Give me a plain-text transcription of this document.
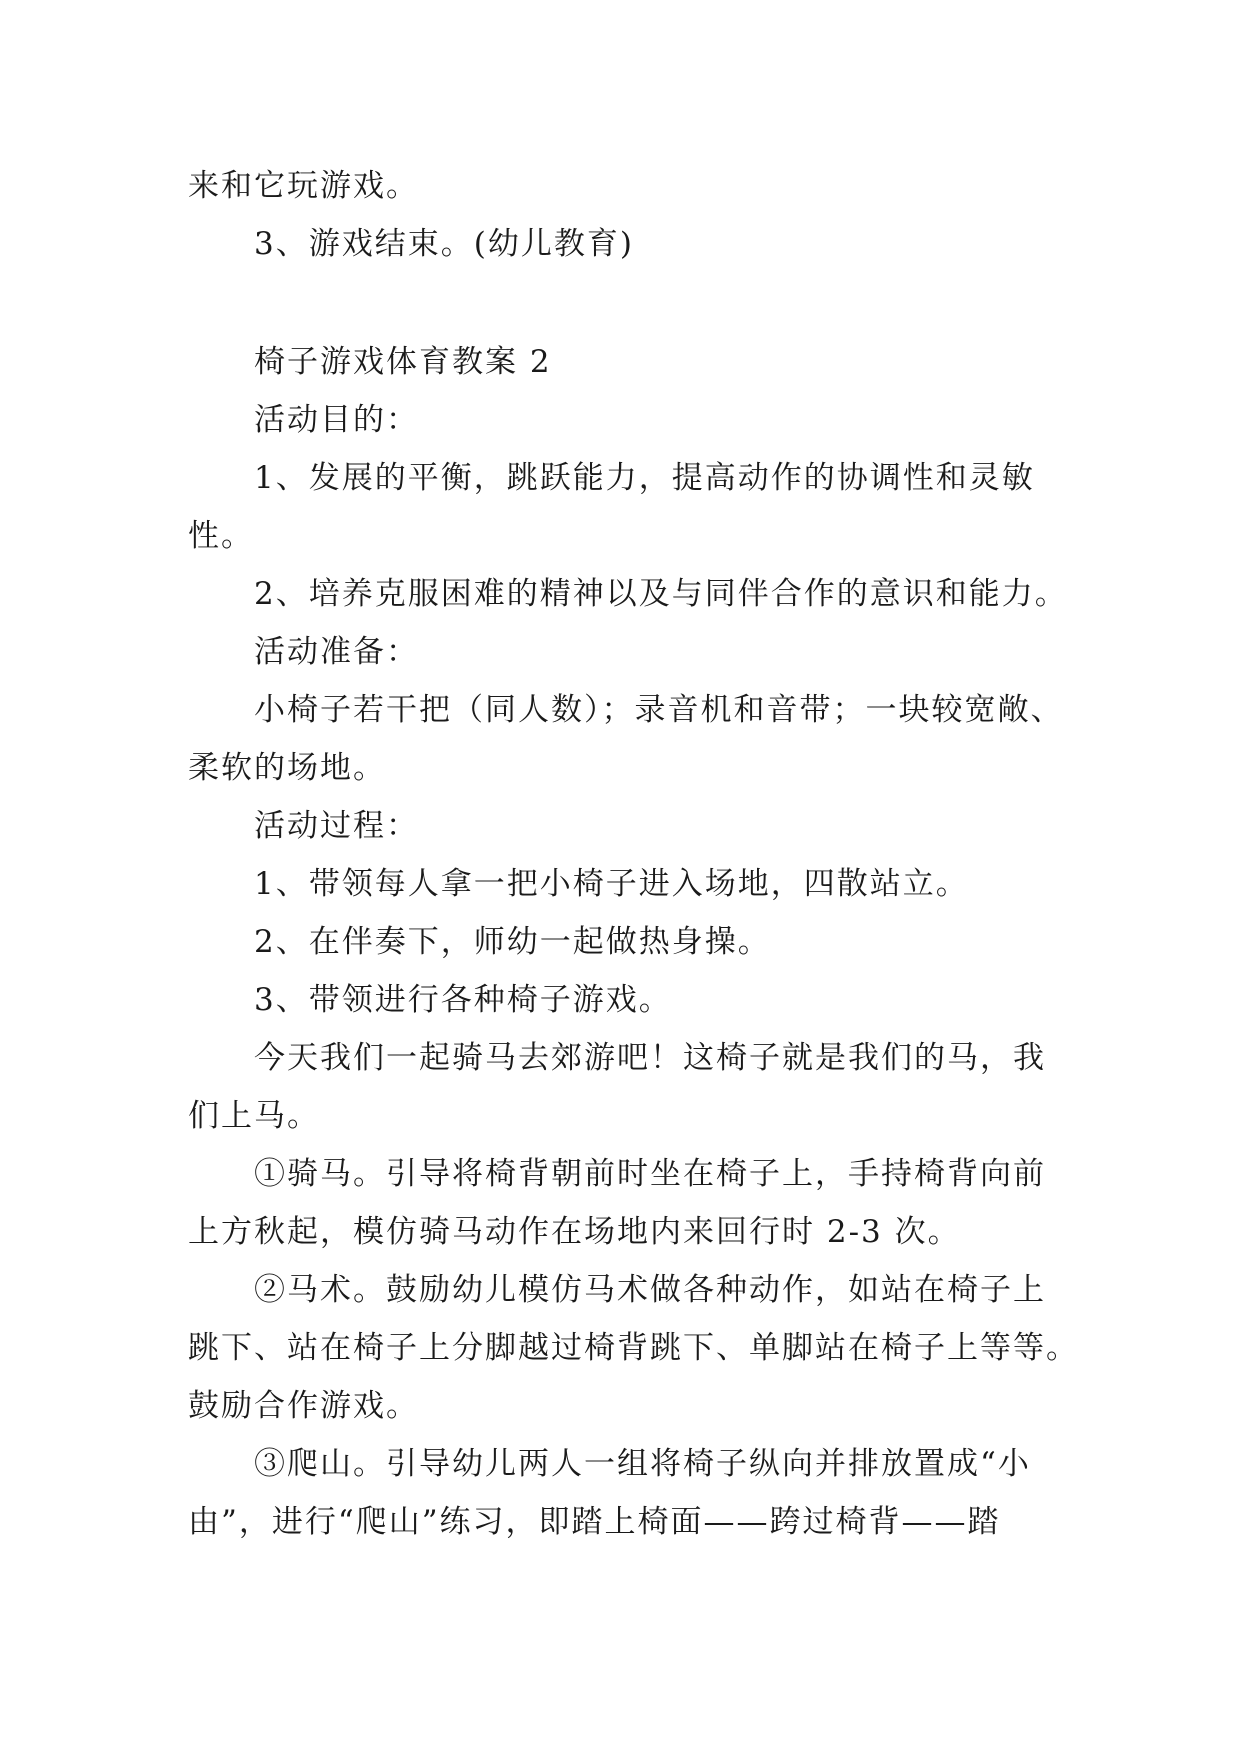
来和它玩游戏。
3、游戏结束。(幼儿教育)
椅子游戏体育教案 2
活动目的：
1、发展的平衡，跳跃能力，提高动作的协调性和灵敏
性。
2、培养克服困难的精神以及与同伴合作的意识和能力。
活动准备：
小椅子若干把（同人数）；录音机和音带；一块较宽敞、
柔软的场地。
活动过程：
1、带领每人拿一把小椅子进入场地，四散站立。
2、在伴奏下，师幼一起做热身操。
3、带领进行各种椅子游戏。
今天我们一起骑马去郊游吧！这椅子就是我们的马，我
们上马。
①骑马。引导将椅背朝前时坐在椅子上，手持椅背向前
上方秋起，模仿骑马动作在场地内来回行时 2-3 次。
②马术。鼓励幼儿模仿马术做各种动作，如站在椅子上
跳下、站在椅子上分脚越过椅背跳下、单脚站在椅子上等等。
鼓励合作游戏。
③爬山。引导幼儿两人一组将椅子纵向并排放置成“小
由”，进行“爬山”练习，即踏上椅面——跨过椅背——踏
